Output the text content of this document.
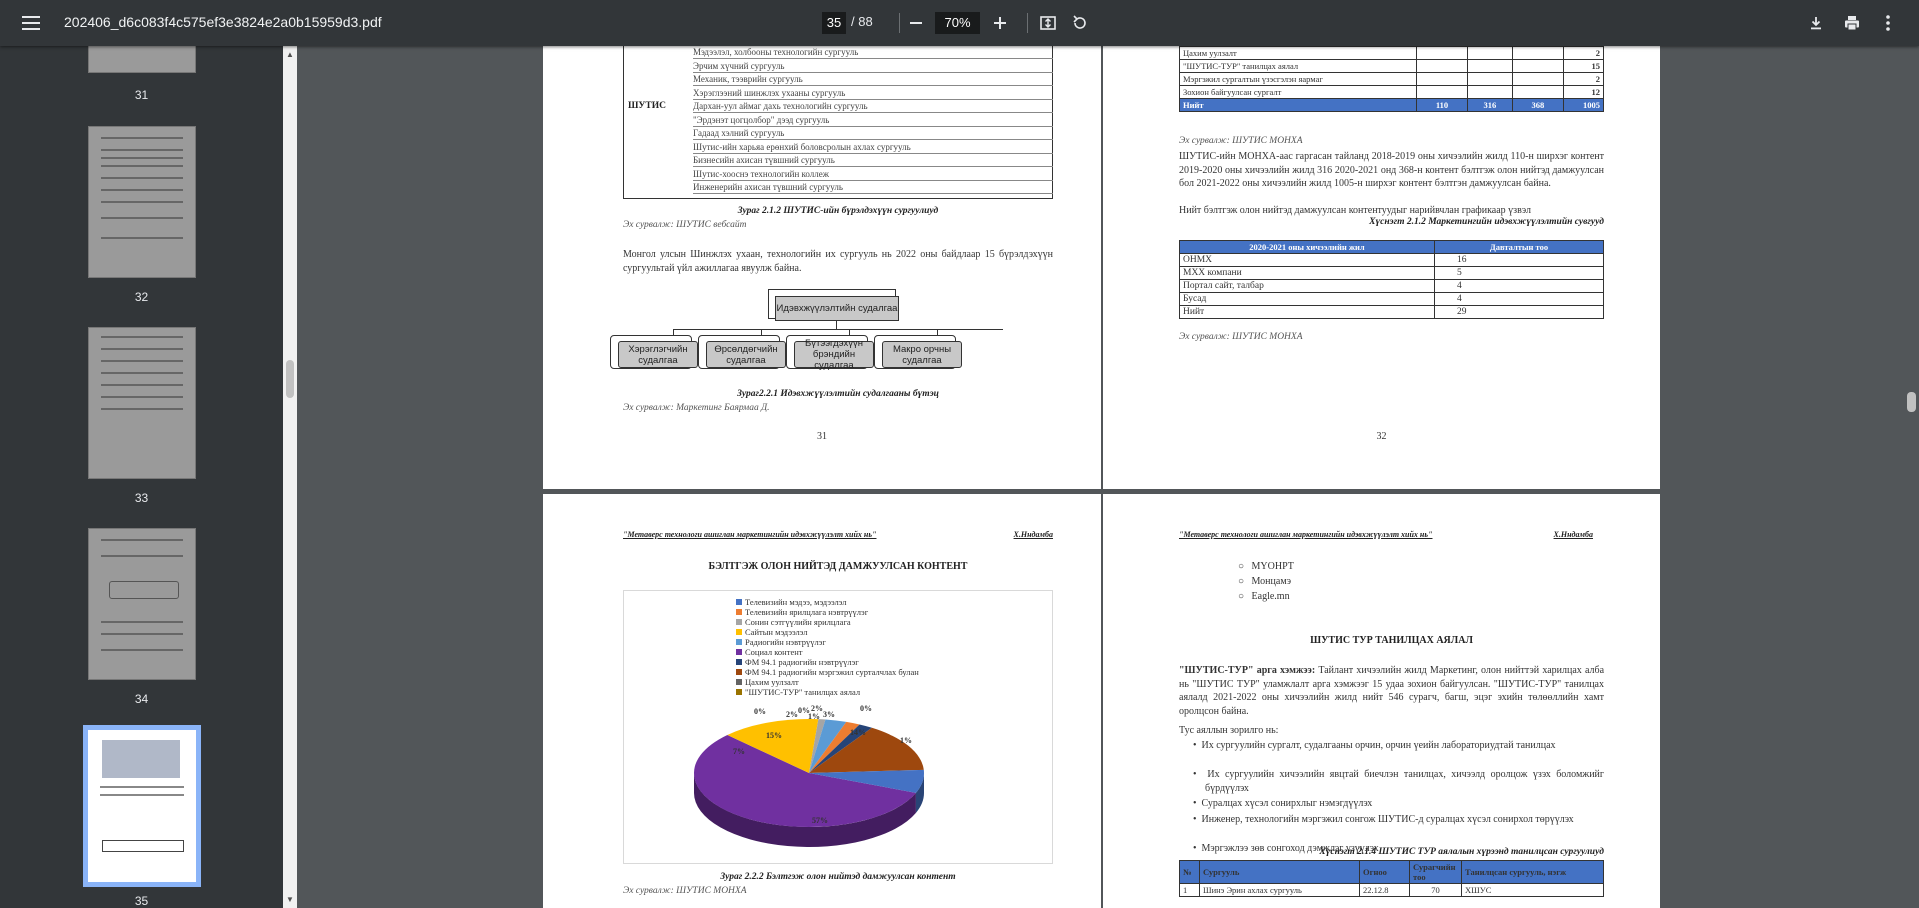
202406_d6c083f4c575ef3e3824e2a0b15959d3.pdf	35 / 88	70%
31
32
33
34
35
▲
▼
ШУТИС
Мэдээлэл, холбооны технологийн сургууль
Эрчим хүчний сургууль
Механик, тээврийн сургууль
Хэрэглээний шинжлэх ухааны сургууль
Дархан-уул аймаг дахь технологийн сургууль
"Эрдэнэт цогцолбор" дээд сургууль
Гадаад хэлний сургууль
Шутис-ийн харьяа ерөнхий боловсролын ахлах сургууль
Бизнесийн ахисан түвшний сургууль
Шутис-хооснэ технологийн коллеж
Инженерийн ахисан түвшний сургууль
Зураг 2.1.2 ШУТИС-ийн бүрэлдэхүүн сургуулиуд
Эх сурвалж: ШУТИС вебсайт
Монгол улсын Шинжлэх ухаан, технологийн их сургууль нь 2022 оны байдлаар 15 бүрэлдэхүүн сургуультай үйл ажиллагаа явуулж байна.
Идэвхжүүлэлтийн судалгаа
Хэрэглэгчийн судалгаа
Өрсөлдөгчийн судалгаа
Бүтээгдэхүүн брэндийн судалгаа
Макро орчны судалгаа
Зураг2.2.1 Идэвхжүүлэлтийн судалгааны бүтэц
Эх сурвалж: Маркетинг Баярмаа Д.
31
Цахим уулзалт				2
"ШУТИС-ТУР" танилцах аялал				15
Мэргэжил сургалтын үзэсгэлэн яармаг				2
Зохион байгуулсан сургалт				12
Нийт	110	316	368	1005
Эх сурвалж: ШУТИС МОНХА
ШУТИС-ийн МОНХА-аас гаргасан тайланд 2018-2019 оны хичээлийн жилд 110-н ширхэг контент 2019-2020 оны хичээлийн жилд 316 2020-2021 онд 368-н контент бэлтгэж олон нийтэд дамжуулсан бол 2021-2022 оны хичээлийн жилд 1005-н ширхэг контент бэлтгэн дамжуулсан байна.
Нийт бэлтгэж олон нийтэд дамжуулсан контентуудыг нарийвчлан графикаар үзвэл
Хүснэгт 2.1.2 Маркетингийн идэвхжүүлэлтийн сувгууд
2020-2021 оны хичээлийн жил	Давталтын тоо
ОНМХ	16
МХХ компани	5
Портал сайт, талбар	4
Бусад	4
Нийт	29
Эх сурвалж: ШУТИС МОНХА
32
"Метаверс технологи ашиглан маркетингийн идэвхжүүлэлт хийх нь"	Х.Нндамба
БЭЛТГЭЖ ОЛОН НИЙТЭД ДАМЖУУЛСАН КОНТЕНТ
Телевизийн мэдээ, мэдээлэл
Телевизийн ярилцлага нэвтрүүлэг
Сонин сэтгүүлийн ярилцлага
Сайтын мэдээлэл
Радиогийн нэвтрүүлэг
Социал контент
ФМ 94.1 радиогийн нэвтрүүлэг
ФМ 94.1 радиогийн мэргэжил сурталчлах булан
Цахим уулзалт
"ШУТИС-ТУР" танилцах аялал
57%
14%
1%
0%
3%
2%
1%
0%
2%
0%
15%
7%
Зураг 2.2.2 Бэлтгэж олон нийтэд дамжуулсан контент
Эх сурвалж: ШУТИС МОНХА
"Метаверс технологи ашиглан маркетингийн идэвхжүүлэлт хийх нь"	Х.Нндамба
○   МҮОНРТ
○   Монцамэ
○   Eagle.mn
ШУТИС ТУР ТАНИЛЦАХ АЯЛАЛ
"ШУТИС-ТУР" арга хэмжээ: Тайлант хичээлийн жилд Маркетинг, олон нийттэй харилцах алба нь "ШУТИС ТУР" уламжлалт арга хэмжээг 15 удаа зохион байгуулсан. "ШУТИС-ТУР" танилцах аялалд 2021-2022 оны хичээлийн жилд нийт 546 сурагч, багш, эцэг эхийн төлөөллийн хамт оролцсон байна.
Тус аяллын зорилго нь:
•  Их сургуулийн сургалт, судалгааны орчин, орчин үеийн лабораториудтай танилцах
•  Их сургуулийн хичээлийн явцтай биечлэн танилцах, хичээлд оролцож үзэх боломжийг бүрдүүлэх
•  Суралцах хүсэл сонирхлыг нэмэгдүүлэх
•  Инженер, технологийн мэргэжил сонгож ШУТИС-д суралцах хүсэл сонирхол төрүүлэх
•  Мэргэжлээ зөв сонгоход дэмжлэг үзүүлэх
Хүснэгт 2.1.4 ШУТИС ТУР аялалын хүрээнд танилцсан сургуулиуд
№	Сургууль	Огноо	Сурагчийн тоо	Танилцсан сургууль, нэгж
1	Шинэ Эрин ахлах сургууль	22.12.8	70	ХШУС
